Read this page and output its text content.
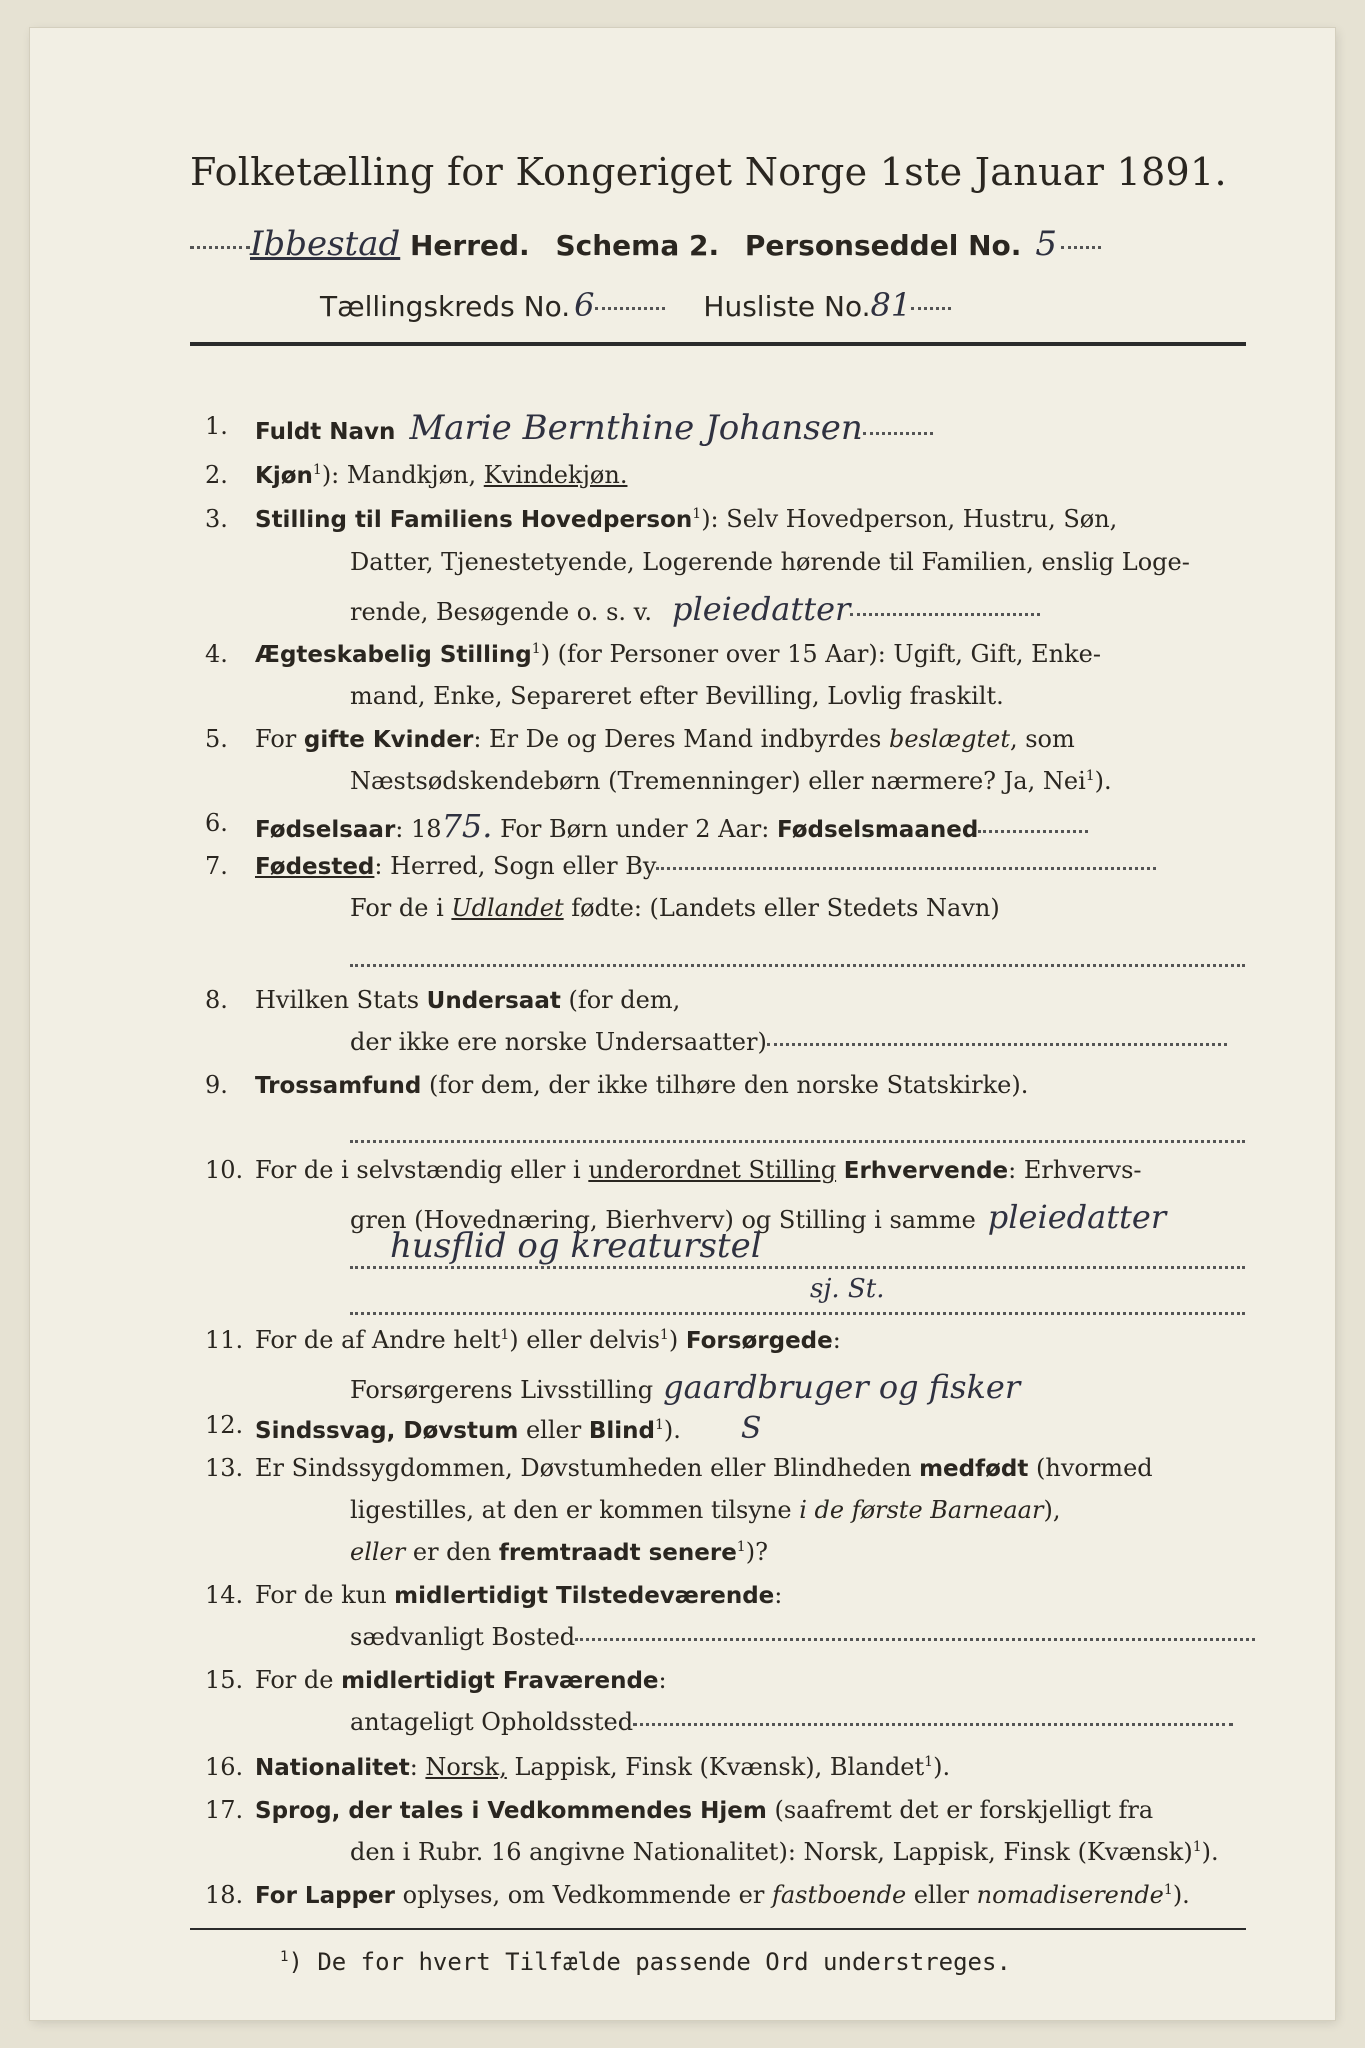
Folketælling for Kongeriget Norge 1ste Januar 1891.
Ibbestad Herred. Schema 2. Personseddel No. 5
Tællingskreds No. 6	Husliste No.81
1. Fuldt Navn Marie Bernthine Johansen
2. Kjøn$^1$): Mandkjøn, Kvindekjøn.
3. Stilling til Familiens Hovedperson$^1$): Selv Hovedperson, Hustru, Søn,
Datter, Tjenestetyende, Logerende hørende til Familien, enslig Loge-
rende, Besøgende o. s. v. pleiedatter
4. Ægteskabelig Stilling$^1$) (for Personer over 15 Aar): Ugift, Gift, Enke-
mand, Enke, Separeret efter Bevilling, Lovlig fraskilt.
5. For gifte Kvinder: Er De og Deres Mand indbyrdes beslægtet, som
Næstsødskendebørn (Tremenninger) eller nærmere? Ja, Nei$^1$).
6. Fødselsaar: 1875. For Børn under 2 Aar: Fødselsmaaned
7. Fødested: Herred, Sogn eller By
For de i Udlandet fødte: (Landets eller Stedets Navn)
8. Hvilken Stats Undersaat (for dem,
der ikke ere norske Undersaatter)
9. Trossamfund (for dem, der ikke tilhøre den norske Statskirke).
10. For de i selvstændig eller i underordnet Stilling Erhvervende: Erhvervs-
gren (Hovednæring, Bierhverv) og Stilling i samme pleiedatter
husflid og kreaturstel
sj. St.
11. For de af Andre helt$^1$) eller delvis$^1$) Forsørgede:
Forsørgerens Livsstilling gaardbruger og fisker
12. Sindssvag, Døvstum eller Blind$^1$). S
13. Er Sindssygdommen, Døvstumheden eller Blindheden medfødt (hvormed
ligestilles, at den er kommen tilsyne i de første Barneaar),
eller er den fremtraadt senere$^1$)?
14. For de kun midlertidigt Tilstedeværende:
sædvanligt Bosted
15. For de midlertidigt Fraværende:
antageligt Opholdssted
16. Nationalitet: Norsk, Lappisk, Finsk (Kvænsk), Blandet$^1$).
17. Sprog, der tales i Vedkommendes Hjem (saafremt det er forskjelligt fra
den i Rubr. 16 angivne Nationalitet): Norsk, Lappisk, Finsk (Kvænsk)$^1$).
18. For Lapper oplyses, om Vedkommende er fastboende eller nomadiserende$^1$).
$^1$) De for hvert Tilfælde passende Ord understreges.
